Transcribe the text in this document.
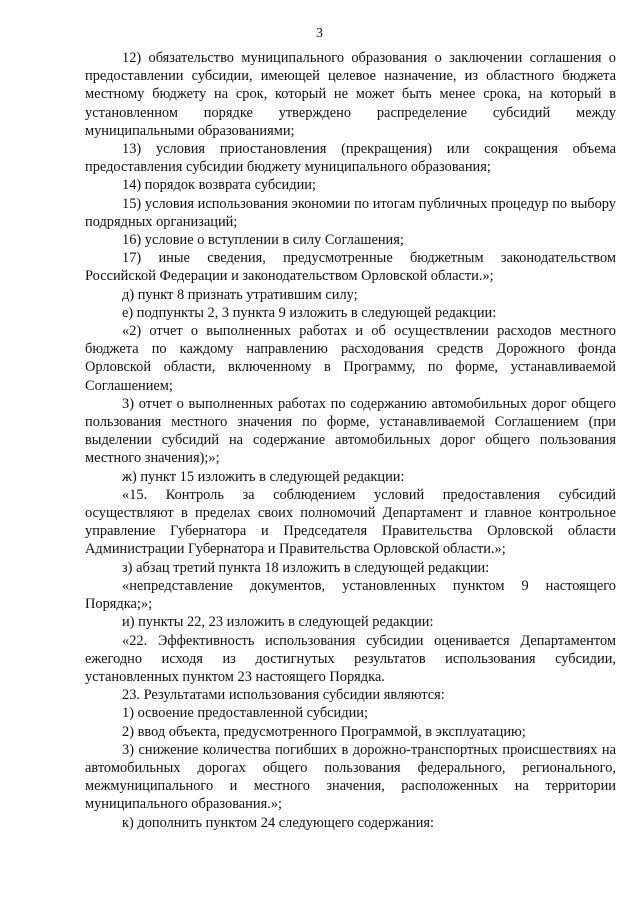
3

12) обязательство муниципального образования о заключении соглашения о предоставлении субсидии, имеющей целевое назначение, из областного бюджета местному бюджету на срок, который не может быть менее срока, на который в установленном порядке утверждено распределение субсидий между муниципальными образованиями;

13) условия приостановления (прекращения) или сокращения объема предоставления субсидии бюджету муниципального образования;

14) порядок возврата субсидии;

15) условия использования экономии по итогам публичных процедур по выбору подрядных организаций;

16) условие о вступлении в силу Соглашения;

17) иные сведения, предусмотренные бюджетным законодательством Российской Федерации и законодательством Орловской области.»;

д) пункт 8 признать утратившим силу;

е) подпункты 2, 3 пункта 9 изложить в следующей редакции:

«2) отчет о выполненных работах и об осуществлении расходов местного бюджета по каждому направлению расходования средств Дорожного фонда Орловской области, включенному в Программу, по форме, устанавливаемой Соглашением;

3) отчет о выполненных работах по содержанию автомобильных дорог общего пользования местного значения по форме, устанавливаемой Соглашением (при выделении субсидий на содержание автомобильных дорог общего пользования местного значения);»;

ж) пункт 15 изложить в следующей редакции:

«15. Контроль за соблюдением условий предоставления субсидий осуществляют в пределах своих полномочий Департамент и главное контрольное управление Губернатора и Председателя Правительства Орловской области Администрации Губернатора и Правительства Орловской области.»;

з) абзац третий пункта 18 изложить в следующей редакции:

«непредставление документов, установленных пунктом 9 настоящего Порядка;»;

и) пункты 22, 23 изложить в следующей редакции:

«22. Эффективность использования субсидии оценивается Департаментом ежегодно исходя из достигнутых результатов использования субсидии, установленных пунктом 23 настоящего Порядка.

23. Результатами использования субсидии являются:

1) освоение предоставленной субсидии;

2) ввод объекта, предусмотренного Программой, в эксплуатацию;

3) снижение количества погибших в дорожно-транспортных происшествиях на автомобильных дорогах общего пользования федерального, регионального, межмуниципального и местного значения, расположенных на территории муниципального образования.»;

к) дополнить пунктом 24 следующего содержания:
